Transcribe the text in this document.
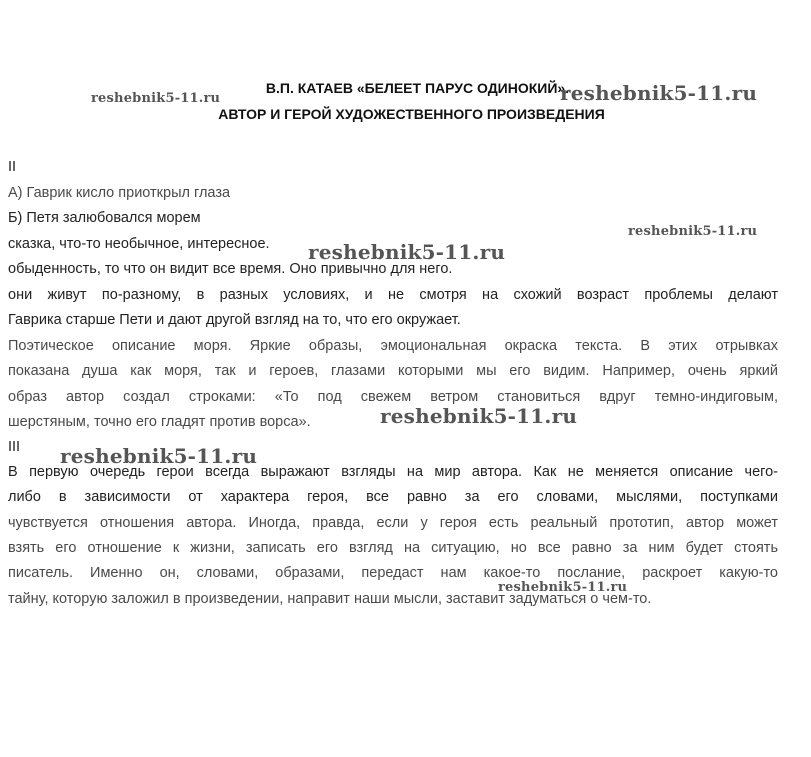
В.П. КАТАЕВ «БЕЛЕЕТ ПАРУС ОДИНОКИЙ».
АВТОР И ГЕРОЙ ХУДОЖЕСТВЕННОГО ПРОИЗВЕДЕНИЯ
II
А) Гаврик кисло приоткрыл глаза
Б) Петя залюбовался морем
сказка, что-то необычное, интересное.
обыденность, то что он видит все время. Оно привычно для него.
они живут по-разному, в разных условиях, и не смотря на схожий возраст проблемы делают
Гаврика старше Пети и дают другой взгляд на то, что его окружает.
Поэтическое описание моря. Яркие образы, эмоциональная окраска текста. В этих отрывках
показана душа как моря, так и героев, глазами которыми мы его видим. Например, очень яркий
образ автор создал строками: «То под свежем ветром становиться вдруг темно-индиговым,
шерстяным, точно его гладят против ворса».
III
В первую очередь герои всегда выражают взгляды на мир автора. Как не меняется описание чего-
либо в зависимости от характера героя, все равно за его словами, мыслями, поступками
чувствуется отношения автора. Иногда, правда, если у героя есть реальный прототип, автор может
взять его отношение к жизни, записать его взгляд на ситуацию, но все равно за ним будет стоять
писатель. Именно он, словами, образами, передаст нам какое-то послание, раскроет какую-то
тайну, которую заложил в произведении, направит наши мысли, заставит задуматься о чем-то.
reshebnik5-11.ru	reshebnik5-11.ru
reshebnik5-11.ru
reshebnik5-11.ru
reshebnik5-11.ru
reshebnik5-11.ru
reshebnik5-11.ru
